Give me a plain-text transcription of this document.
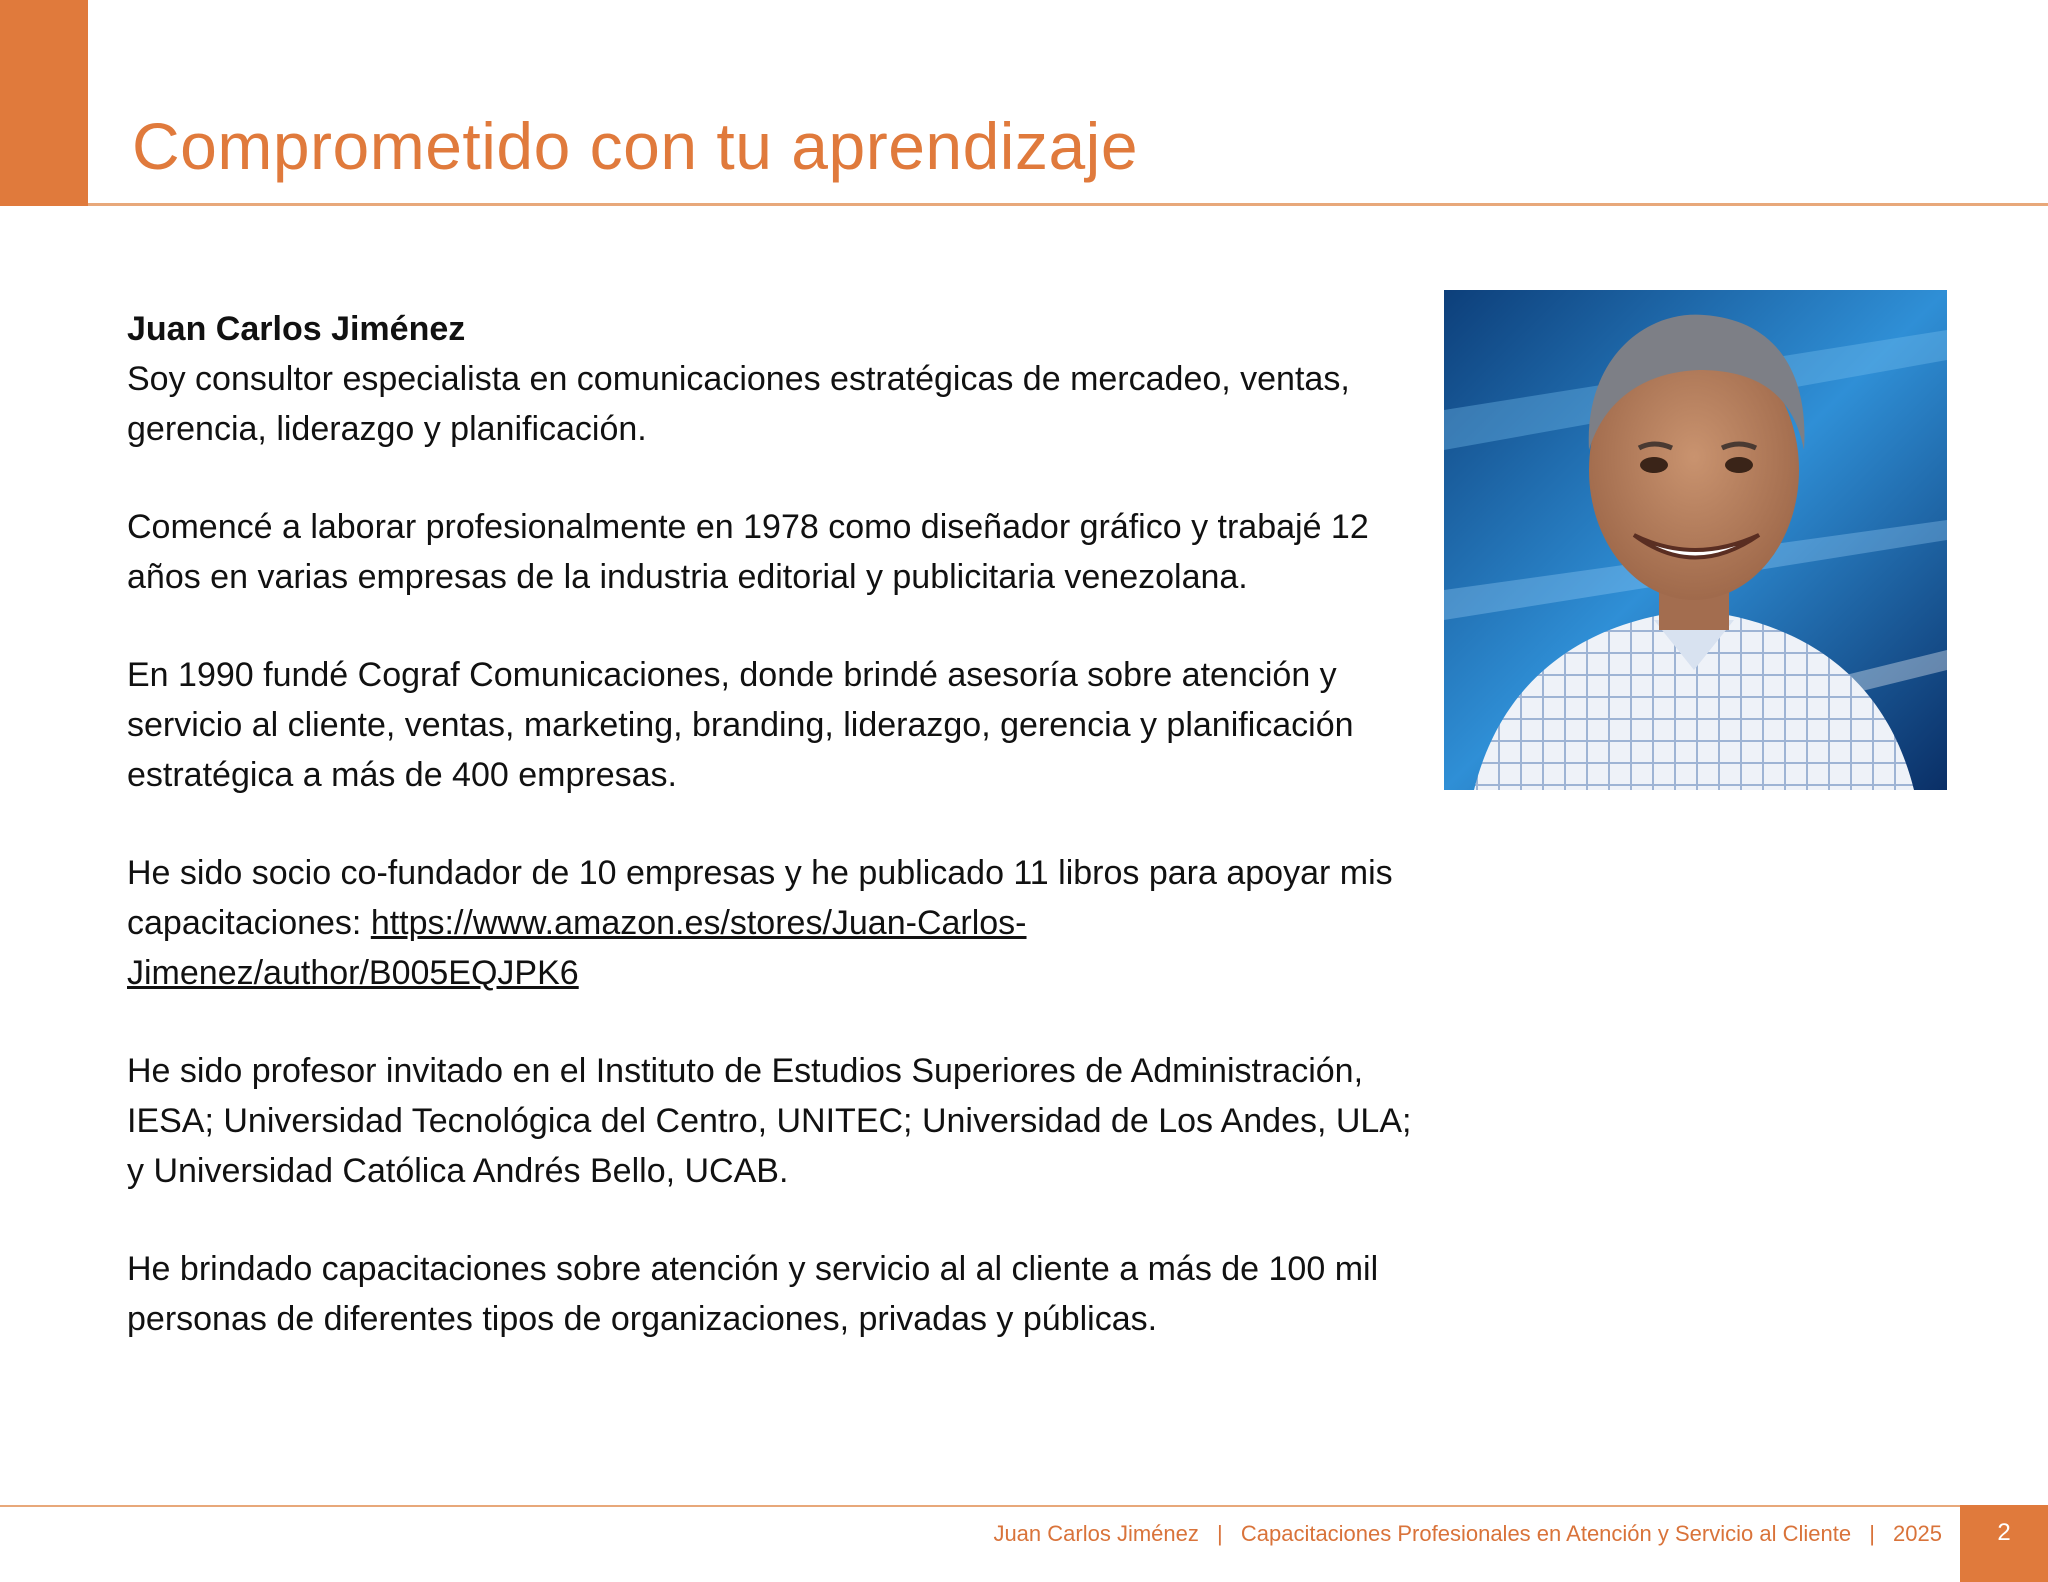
Comprometido con tu aprendizaje

Juan Carlos Jiménez
Soy consultor especialista en comunicaciones estratégicas de mercadeo, ventas, gerencia, liderazgo y planificación.

Comencé a laborar profesionalmente en 1978 como diseñador gráfico y trabajé 12 años en varias empresas de la industria editorial y publicitaria venezolana.

En 1990 fundé Cograf Comunicaciones, donde brindé asesoría sobre atención y servicio al cliente, ventas, marketing, branding, liderazgo, gerencia y planificación estratégica a más de 400 empresas.

He sido socio co-fundador de 10 empresas y he publicado 11 libros para apoyar mis capacitaciones: https://www.amazon.es/stores/Juan-Carlos-Jimenez/author/B005EQJPK6

He sido profesor invitado en el Instituto de Estudios Superiores de Administración, IESA; Universidad Tecnológica del Centro, UNITEC; Universidad de Los Andes, ULA; y Universidad Católica Andrés Bello, UCAB.

He brindado capacitaciones sobre atención y servicio al al cliente a más de 100 mil personas de diferentes tipos de organizaciones, privadas y públicas.

Juan Carlos Jiménez | Capacitaciones Profesionales en Atención y Servicio al Cliente | 2025	2
